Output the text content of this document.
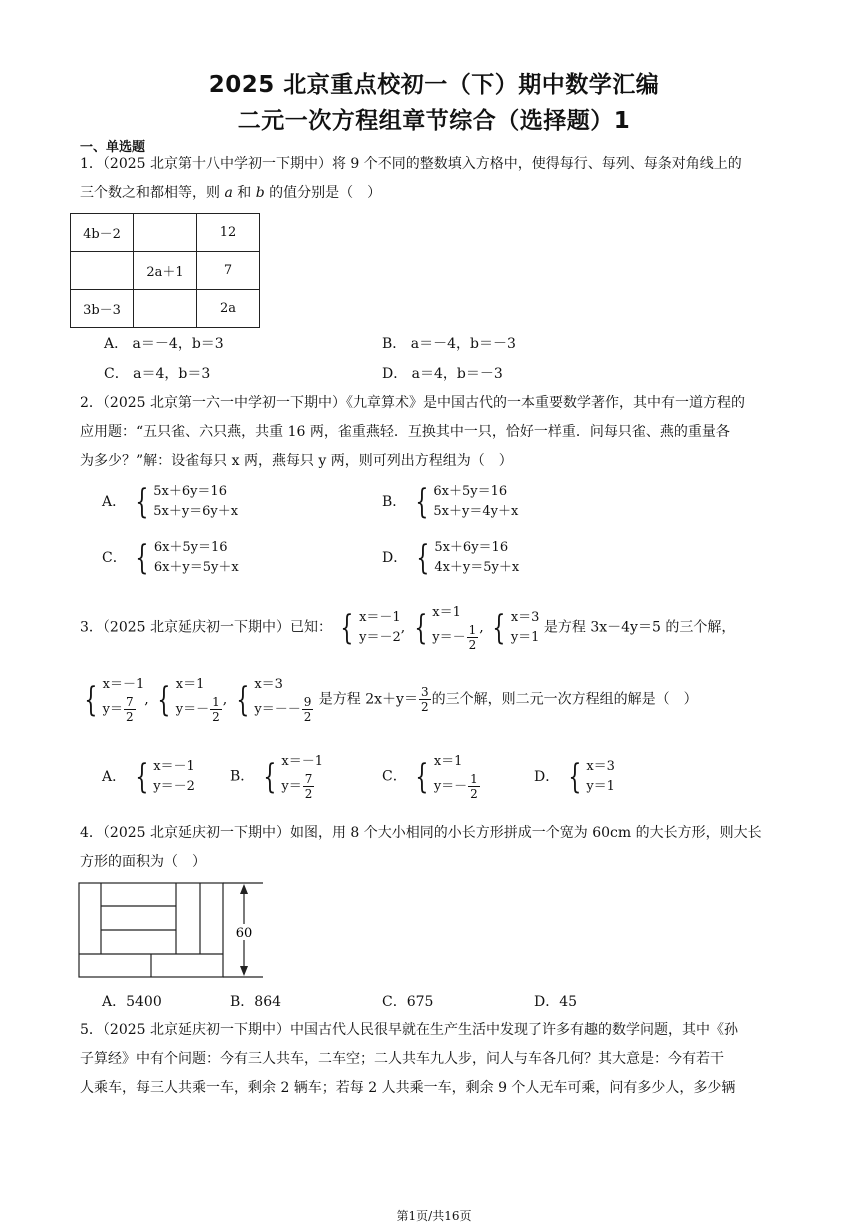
2025 北京重点校初一（下）期中数学汇编
二元一次方程组章节综合（选择题）1
一、单选题
1．（2025 北京第十八中学初一下期中）将 9 个不同的整数填入方格中，使得每行、每列、每条对角线上的
三个数之和都相等，则 a 和 b 的值分别是（　）
4b－2		12
	2a＋1	7
3b－3		2a
A． a＝－4，b＝3	B． a＝－4，b＝－3
C． a＝4，b＝3	D． a＝4，b＝－3
2．（2025 北京第一六一中学初一下期中）《九章算术》是中国古代的一本重要数学著作，其中有一道方程的
应用题：“五只雀、六只燕，共重 16 两，雀重燕轻．互换其中一只，恰好一样重．问每只雀、燕的重量各
为多少？”解：设雀每只 x 两，燕每只 y 两，则可列出方程组为（　）
A． { 5x＋6y＝16
5x＋y＝6y＋x
B． { 6x＋5y＝16
5x＋y＝4y＋x
C． { 6x＋5y＝16
6x＋y＝5y＋x
D． { 5x＋6y＝16
4x＋y＝5y＋x
3．（2025 北京延庆初一下期中）已知： { x＝－1
y＝－2
, { x＝1
$y=- \frac{1}{2}$ , { x＝3
y＝1
是方程 3x－4y＝5 的三个解，
{ x＝－1
$y= \frac{7}{2}$ , { x＝1
$y=- \frac{1}{2}$ , { x＝3
$y=-- \frac{9}{2}$ 是方程 $2x+y= \frac{3}{2}$ 的三个解，则二元一次方程组的解是（　）
A． { x＝－1
y＝－2
B． { x＝－1
$y= \frac{7}{2}$	C． { x＝1
$y=- \frac{1}{2}$	D． { x＝3
y＝1
4．（2025 北京延庆初一下期中）如图，用 8 个大小相同的小长方形拼成一个宽为 60cm 的大长方形，则大长
方形的面积为（　）
60
A．5400	B．864	C．675	D．45
5．（2025 北京延庆初一下期中）中国古代人民很早就在生产生活中发现了许多有趣的数学问题，其中《孙
子算经》中有个问题：今有三人共车，二车空；二人共车九人步，问人与车各几何？其大意是：今有若干
人乘车，每三人共乘一车，剩余 2 辆车；若每 2 人共乘一车，剩余 9 个人无车可乘，问有多少人，多少辆
第1页/共16页
